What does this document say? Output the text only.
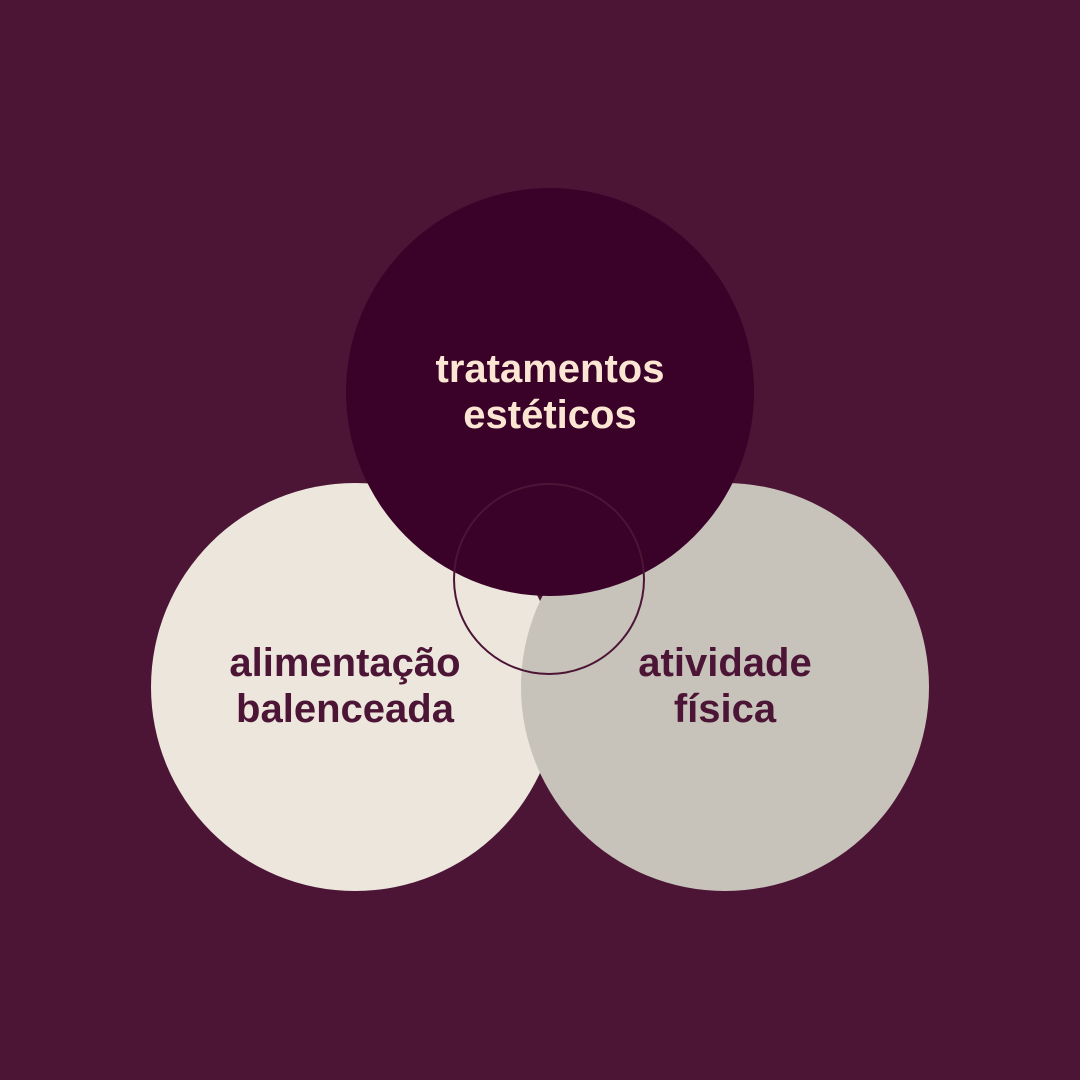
tratamentos
estéticos
alimentação
balenceada
atividade
física
